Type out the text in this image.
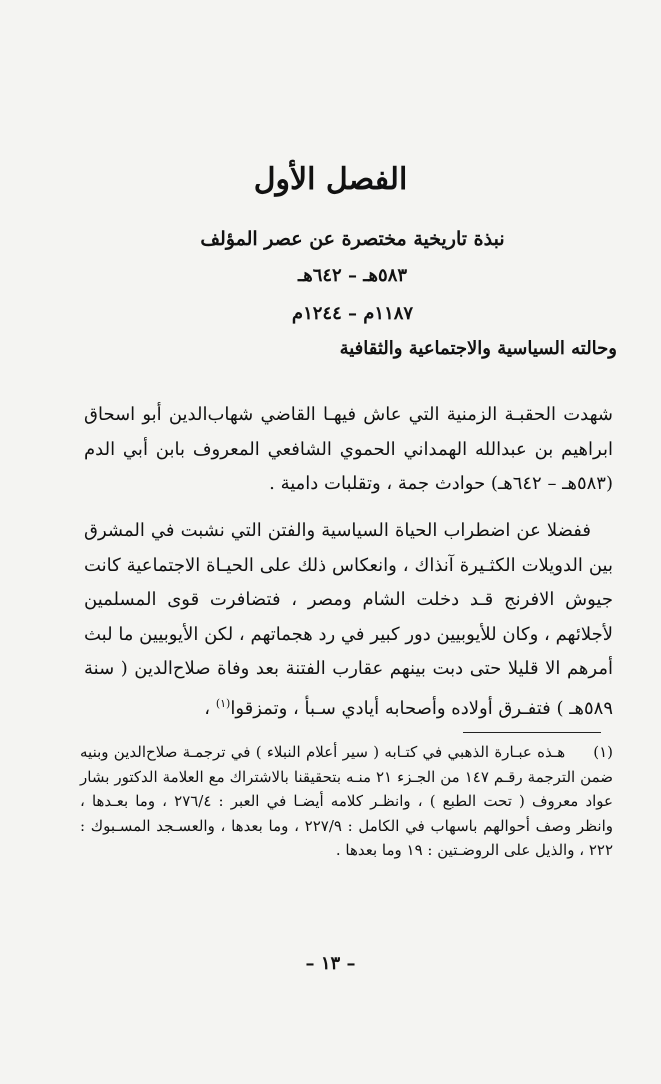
الفصل الأول
نبذة تاريخية مختصرة عن عصر المؤلف
٥٨٣هـ – ٦٤٢هـ
١١٨٧م – ١٢٤٤م
وحالته السياسية والاجتماعية والثقافية

شهدت الحقبـة الزمنية التي عاش فيهـا القاضي شهاب‌الدين أبو اسحاق ابراهيم بن عبدالله الهمداني الحموي الشافعي المعروف بابن أبي الدم (٥٨٣هـ – ٦٤٢هـ) حوادث جمة ، وتقلبات دامية .

ففضلا عن اضطراب الحياة السياسية والفتن التي نشبت في المشرق بين الدويلات الكثـيرة آنذاك ، وانعكاس ذلك على الحيـاة الاجتماعية كانت جيوش الافرنج قـد دخلت الشام ومصر ، فتضافرت قوى المسلمين لأجلائهم ، وكان للأيوبيين دور كبير في رد هجماتهم ، لكن الأيوبيين ما لبث أمرهم الا قليلا حتى دبت بينهم عقارب الفتنة بعد وفاة صلاح‌الدين ( سنة ٥٨٩هـ ) فتفـرق أولاده وأصحابه أيادي سـبأ ، وتمزقوا$^{(١)}$ ،

(١)

هـذه عبـارة الذهبي في كتـابه ( سير أعلام النبلاء ) في ترجمـة صلاح‌الدين وبنيه ضمن الترجمة رقـم ١٤٧ من الجـزء ٢١ منـه بتحقيقنا بالاشتراك مع العلامة الدكتور بشار عواد معروف ( تحت الطبع ) ، وانظـر كلامه أيضـا في العبر : ٢٧٦/٤ ، وما بعـدها ، وانظر وصف أحوالهم باسهاب في الكامل : ٢٢٧/٩ ، وما بعدها ، والعسـجد المسـبوك : ٢٢٢ ، والذيل على الروضـتين : ١٩ وما بعدها .

– ١٣ –
